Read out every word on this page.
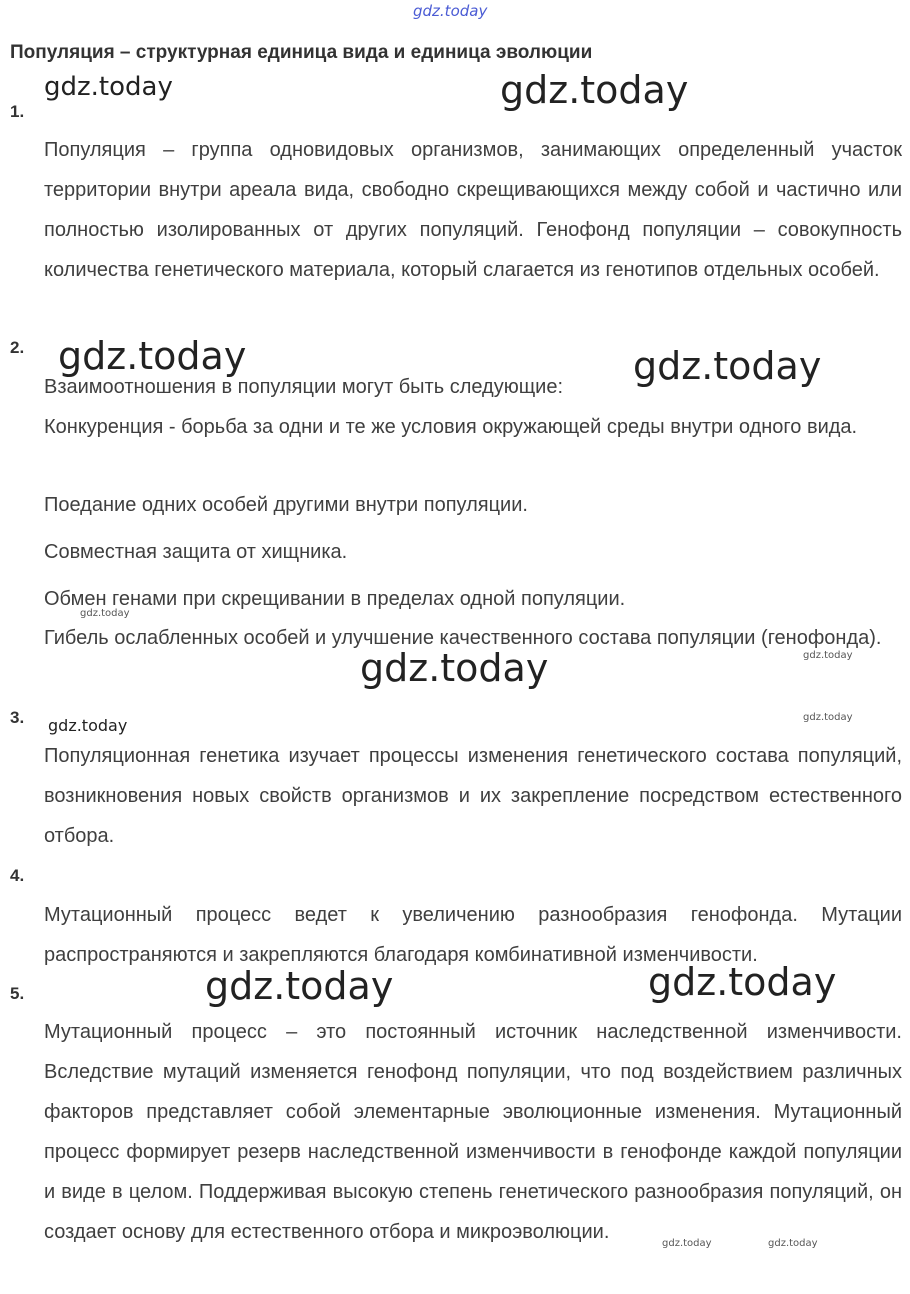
gdz.today
gdz.today	gdz.today
gdz.today	gdz.today
gdz.today
gdz.today
gdz.today
gdz.today	gdz.today
gdz.today	gdz.today
gdz.today	gdz.today
Популяция – структурная единица вида и единица эволюции
1.
Популяция – группа одновидовых организмов, занимающих определенный участок территории внутри ареала вида, свободно скрещивающихся между собой и частично или полностью изолированных от других популяций. Генофонд популяции – совокупность количества генетического материала, который слагается из генотипов отдельных особей.
2.
Взаимоотношения в популяции могут быть следующие:
Конкуренция - борьба за одни и те же условия окружающей среды внутри одного вида.
Поедание одних особей другими внутри популяции.
Совместная защита от хищника.
Обмен генами при скрещивании в пределах одной популяции.
Гибель ослабленных особей и улучшение качественного состава популяции (генофонда).
3.
Популяционная генетика изучает процессы изменения генетического состава популяций, возникновения новых свойств организмов и их закрепление посредством естественного отбора.
4.
Мутационный процесс ведет к увеличению разнообразия генофонда. Мутации распространяются и закрепляются благодаря комбинативной изменчивости.
5.
Мутационный процесс – это постоянный источник наследственной изменчивости. Вследствие мутаций изменяется генофонд популяции, что под воздействием различных факторов представляет собой элементарные эволюционные изменения. Мутационный процесс формирует резерв наследственной изменчивости в генофонде каждой популяции и виде в целом. Поддерживая высокую степень генетического разнообразия популяций, он создает основу для естественного отбора и микроэволюции.
